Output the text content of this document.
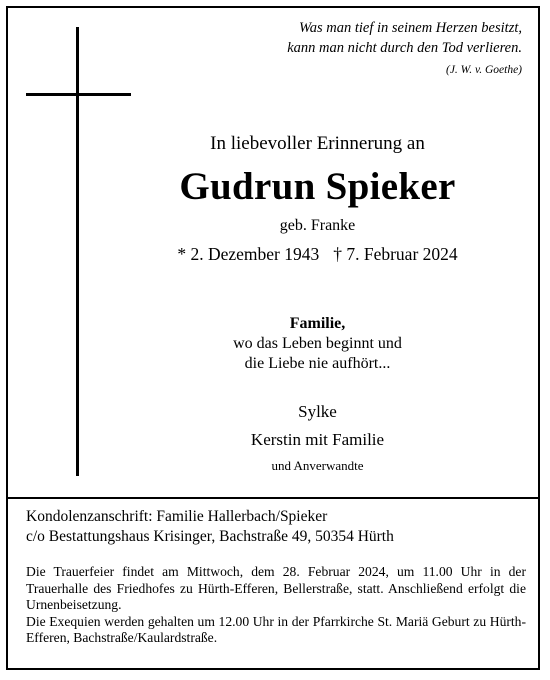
Was man tief in seinem Herzen besitzt,
kann man nicht durch den Tod verlieren.
(J. W. v. Goethe)
In liebevoller Erinnerung an
Gudrun Spieker
geb. Franke
* 2. Dezember 1943 † 7. Februar 2024
Familie,
wo das Leben beginnt und
die Liebe nie aufhört...
Sylke
Kerstin mit Familie
und Anverwandte
Kondolenzanschrift: Familie Hallerbach/Spieker
c/o Bestattungshaus Krisinger, Bachstraße 49, 50354 Hürth
Die Trauerfeier findet am Mittwoch, dem 28. Februar 2024, um 11.00 Uhr in der Trauerhalle des Friedhofes zu Hürth-Efferen, Bellerstraße, statt. Anschließend erfolgt die Urnenbeisetzung.
Die Exequien werden gehalten um 12.00 Uhr in der Pfarrkirche St. Mariä Geburt zu Hürth-Efferen, Bachstraße/Kaulardstraße.
